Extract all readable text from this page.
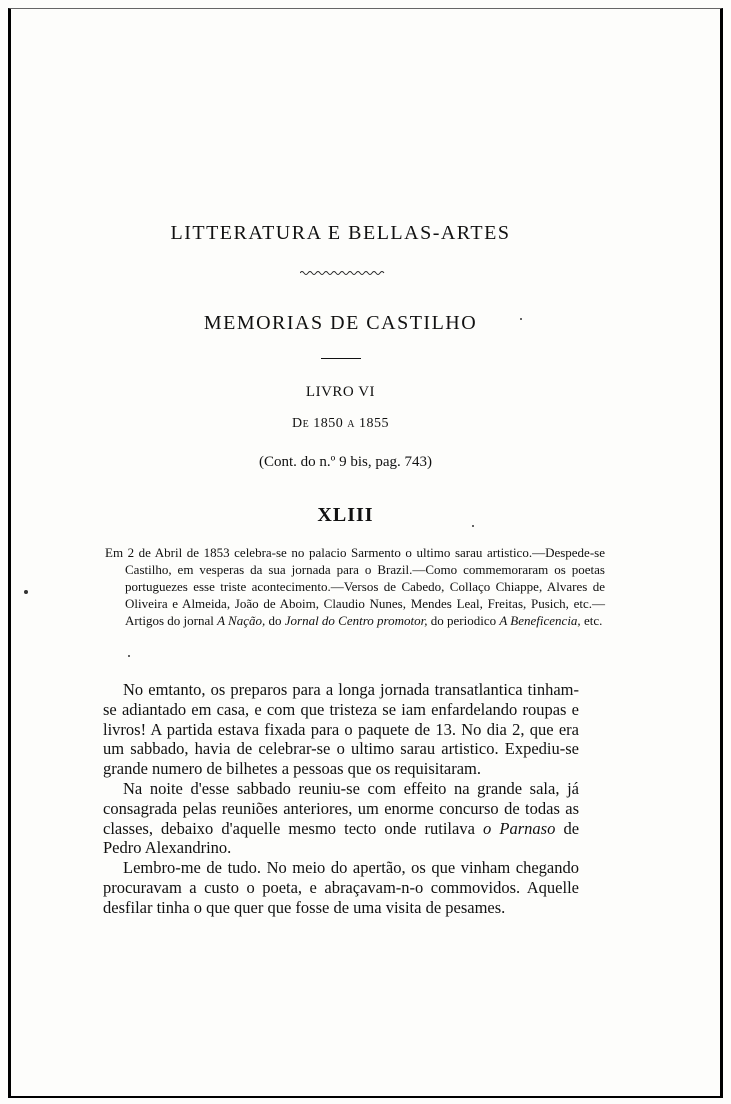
LITTERATURA E BELLAS-ARTES
MEMORIAS DE CASTILHO
LIVRO VI
De 1850 a 1855
(Cont. do n.º 9 bis, pag. 743)
XLIII
Em 2 de Abril de 1853 celebra-se no palacio Sarmento o ultimo sarau artistico.—Despede-se Castilho, em vesperas da sua jornada para o Brazil.—Como commemoraram os poetas portuguezes esse triste acontecimento.—Versos de Cabedo, Collaço Chiappe, Alvares de Oliveira e Almeida, João de Aboim, Claudio Nunes, Mendes Leal, Freitas, Pusich, etc.—Artigos do jornal A Nação, do Jornal do Centro promotor, do periodico A Beneficencia, etc.

No emtanto, os preparos para a longa jornada transatlantica tinham-se adiantado em casa, e com que tristeza se iam enfardelando roupas e livros! A partida estava fixada para o paquete de 13. No dia 2, que era um sabbado, havia de celebrar-se o ultimo sarau artistico. Expediu-se grande numero de bilhetes a pessoas que os requisitaram.

Na noite d'esse sabbado reuniu-se com effeito na grande sala, já consagrada pelas reuniões anteriores, um enorme concurso de todas as classes, debaixo d'aquelle mesmo tecto onde rutilava o Parnaso de Pedro Alexandrino.

Lembro-me de tudo. No meio do apertão, os que vinham chegando procuravam a custo o poeta, e abraçavam-n-o commovidos. Aquelle desfilar tinha o que quer que fosse de uma visita de pesames.
